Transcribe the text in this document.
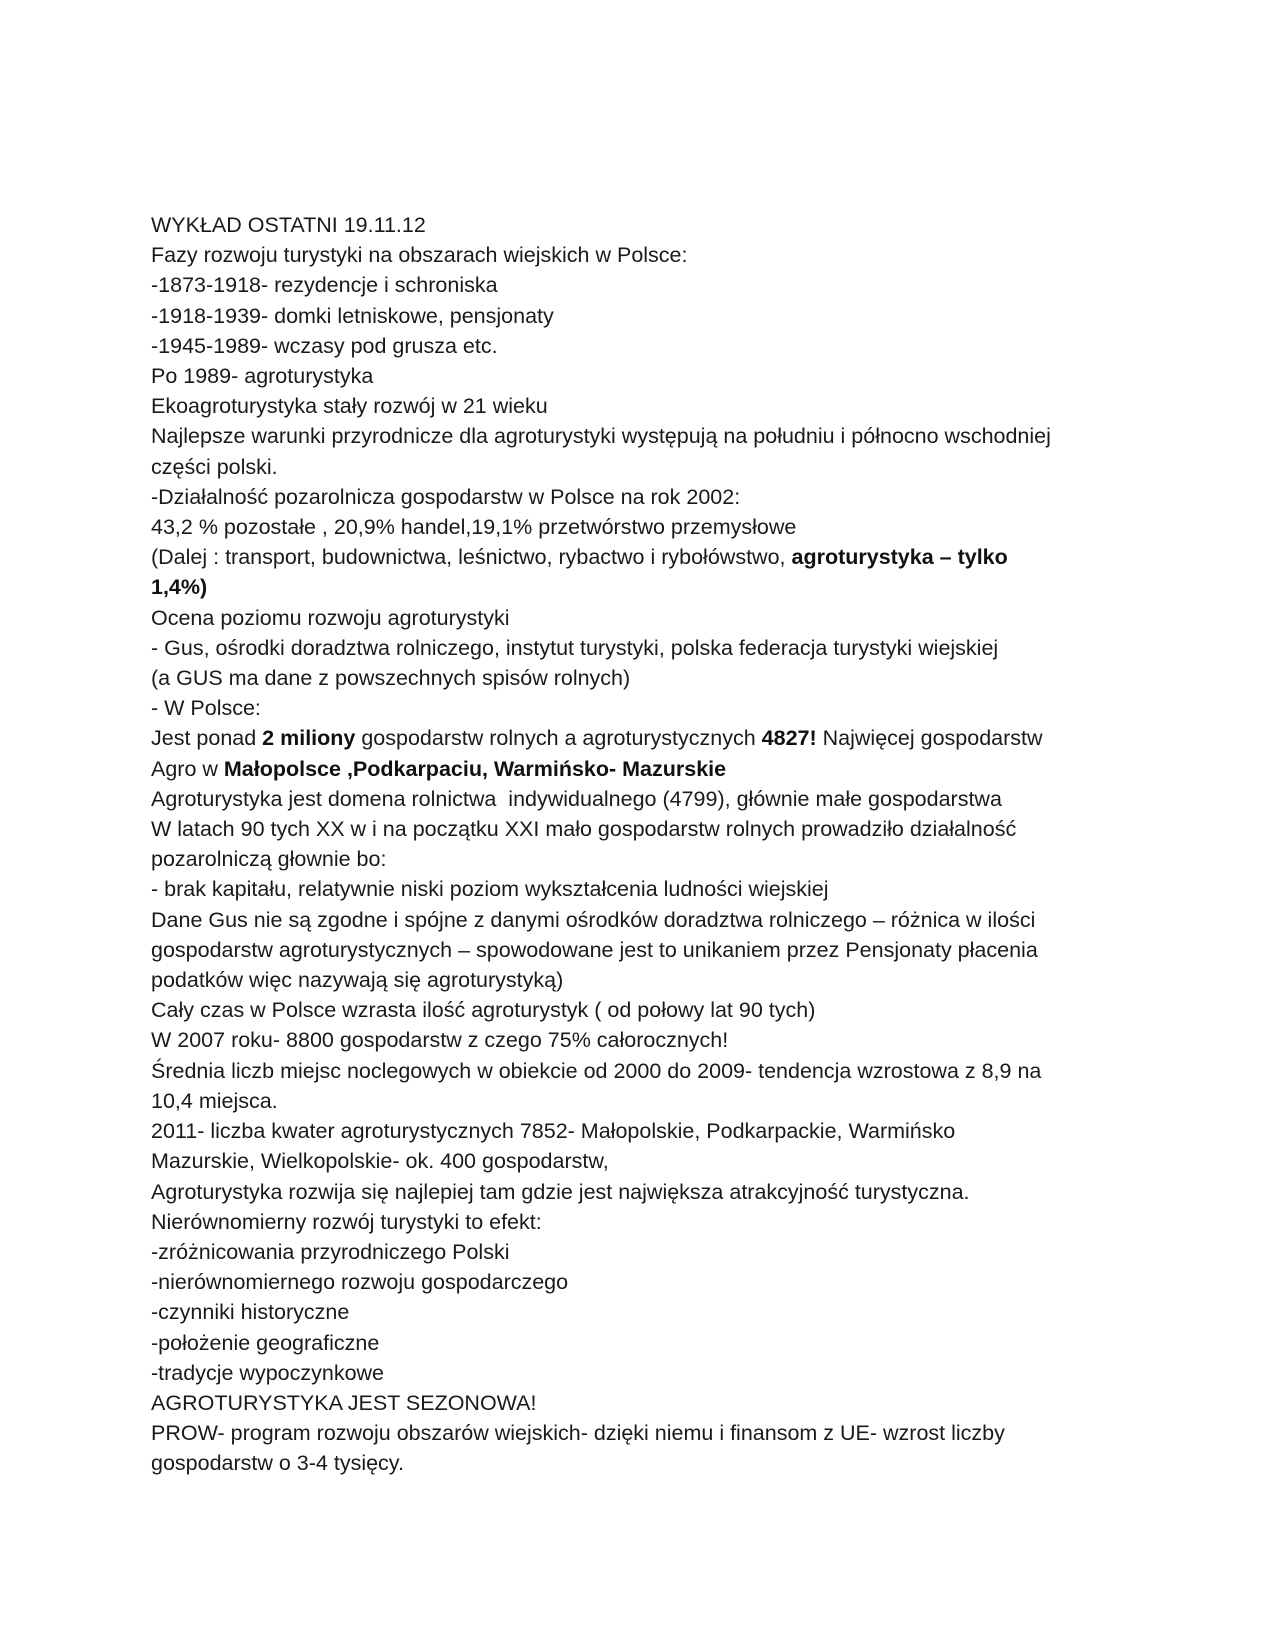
WYKŁAD OSTATNI 19.11.12
Fazy rozwoju turystyki na obszarach wiejskich w Polsce:
-1873-1918- rezydencje i schroniska
-1918-1939- domki letniskowe, pensjonaty
-1945-1989- wczasy pod grusza etc.
Po 1989- agroturystyka
Ekoagroturystyka stały rozwój w 21 wieku
Najlepsze warunki przyrodnicze dla agroturystyki występują na południu i północno wschodniej
części polski.
-Działalność pozarolnicza gospodarstw w Polsce na rok 2002:
43,2 % pozostałe , 20,9% handel,19,1% przetwórstwo przemysłowe
(Dalej : transport, budownictwa, leśnictwo, rybactwo i rybołówstwo, agroturystyka – tylko
1,4%)
Ocena poziomu rozwoju agroturystyki
- Gus, ośrodki doradztwa rolniczego, instytut turystyki, polska federacja turystyki wiejskiej
(a GUS ma dane z powszechnych spisów rolnych)
- W Polsce:
Jest ponad 2 miliony gospodarstw rolnych a agroturystycznych 4827! Najwięcej gospodarstw
Agro w Małopolsce ,Podkarpaciu, Warmińsko- Mazurskie
Agroturystyka jest domena rolnictwa  indywidualnego (4799), głównie małe gospodarstwa
W latach 90 tych XX w i na początku XXI mało gospodarstw rolnych prowadziło działalność
pozarolniczą głownie bo:
- brak kapitału, relatywnie niski poziom wykształcenia ludności wiejskiej
Dane Gus nie są zgodne i spójne z danymi ośrodków doradztwa rolniczego – różnica w ilości
gospodarstw agroturystycznych – spowodowane jest to unikaniem przez Pensjonaty płacenia
podatków więc nazywają się agroturystyką)
Cały czas w Polsce wzrasta ilość agroturystyk ( od połowy lat 90 tych)
W 2007 roku- 8800 gospodarstw z czego 75% całorocznych!
Średnia liczb miejsc noclegowych w obiekcie od 2000 do 2009- tendencja wzrostowa z 8,9 na
10,4 miejsca.
2011- liczba kwater agroturystycznych 7852- Małopolskie, Podkarpackie, Warmińsko
Mazurskie, Wielkopolskie- ok. 400 gospodarstw,
Agroturystyka rozwija się najlepiej tam gdzie jest największa atrakcyjność turystyczna.
Nierównomierny rozwój turystyki to efekt:
-zróżnicowania przyrodniczego Polski
-nierównomiernego rozwoju gospodarczego
-czynniki historyczne
-położenie geograficzne
-tradycje wypoczynkowe
AGROTURYSTYKA JEST SEZONOWA!
PROW- program rozwoju obszarów wiejskich- dzięki niemu i finansom z UE- wzrost liczby
gospodarstw o 3-4 tysięcy.
